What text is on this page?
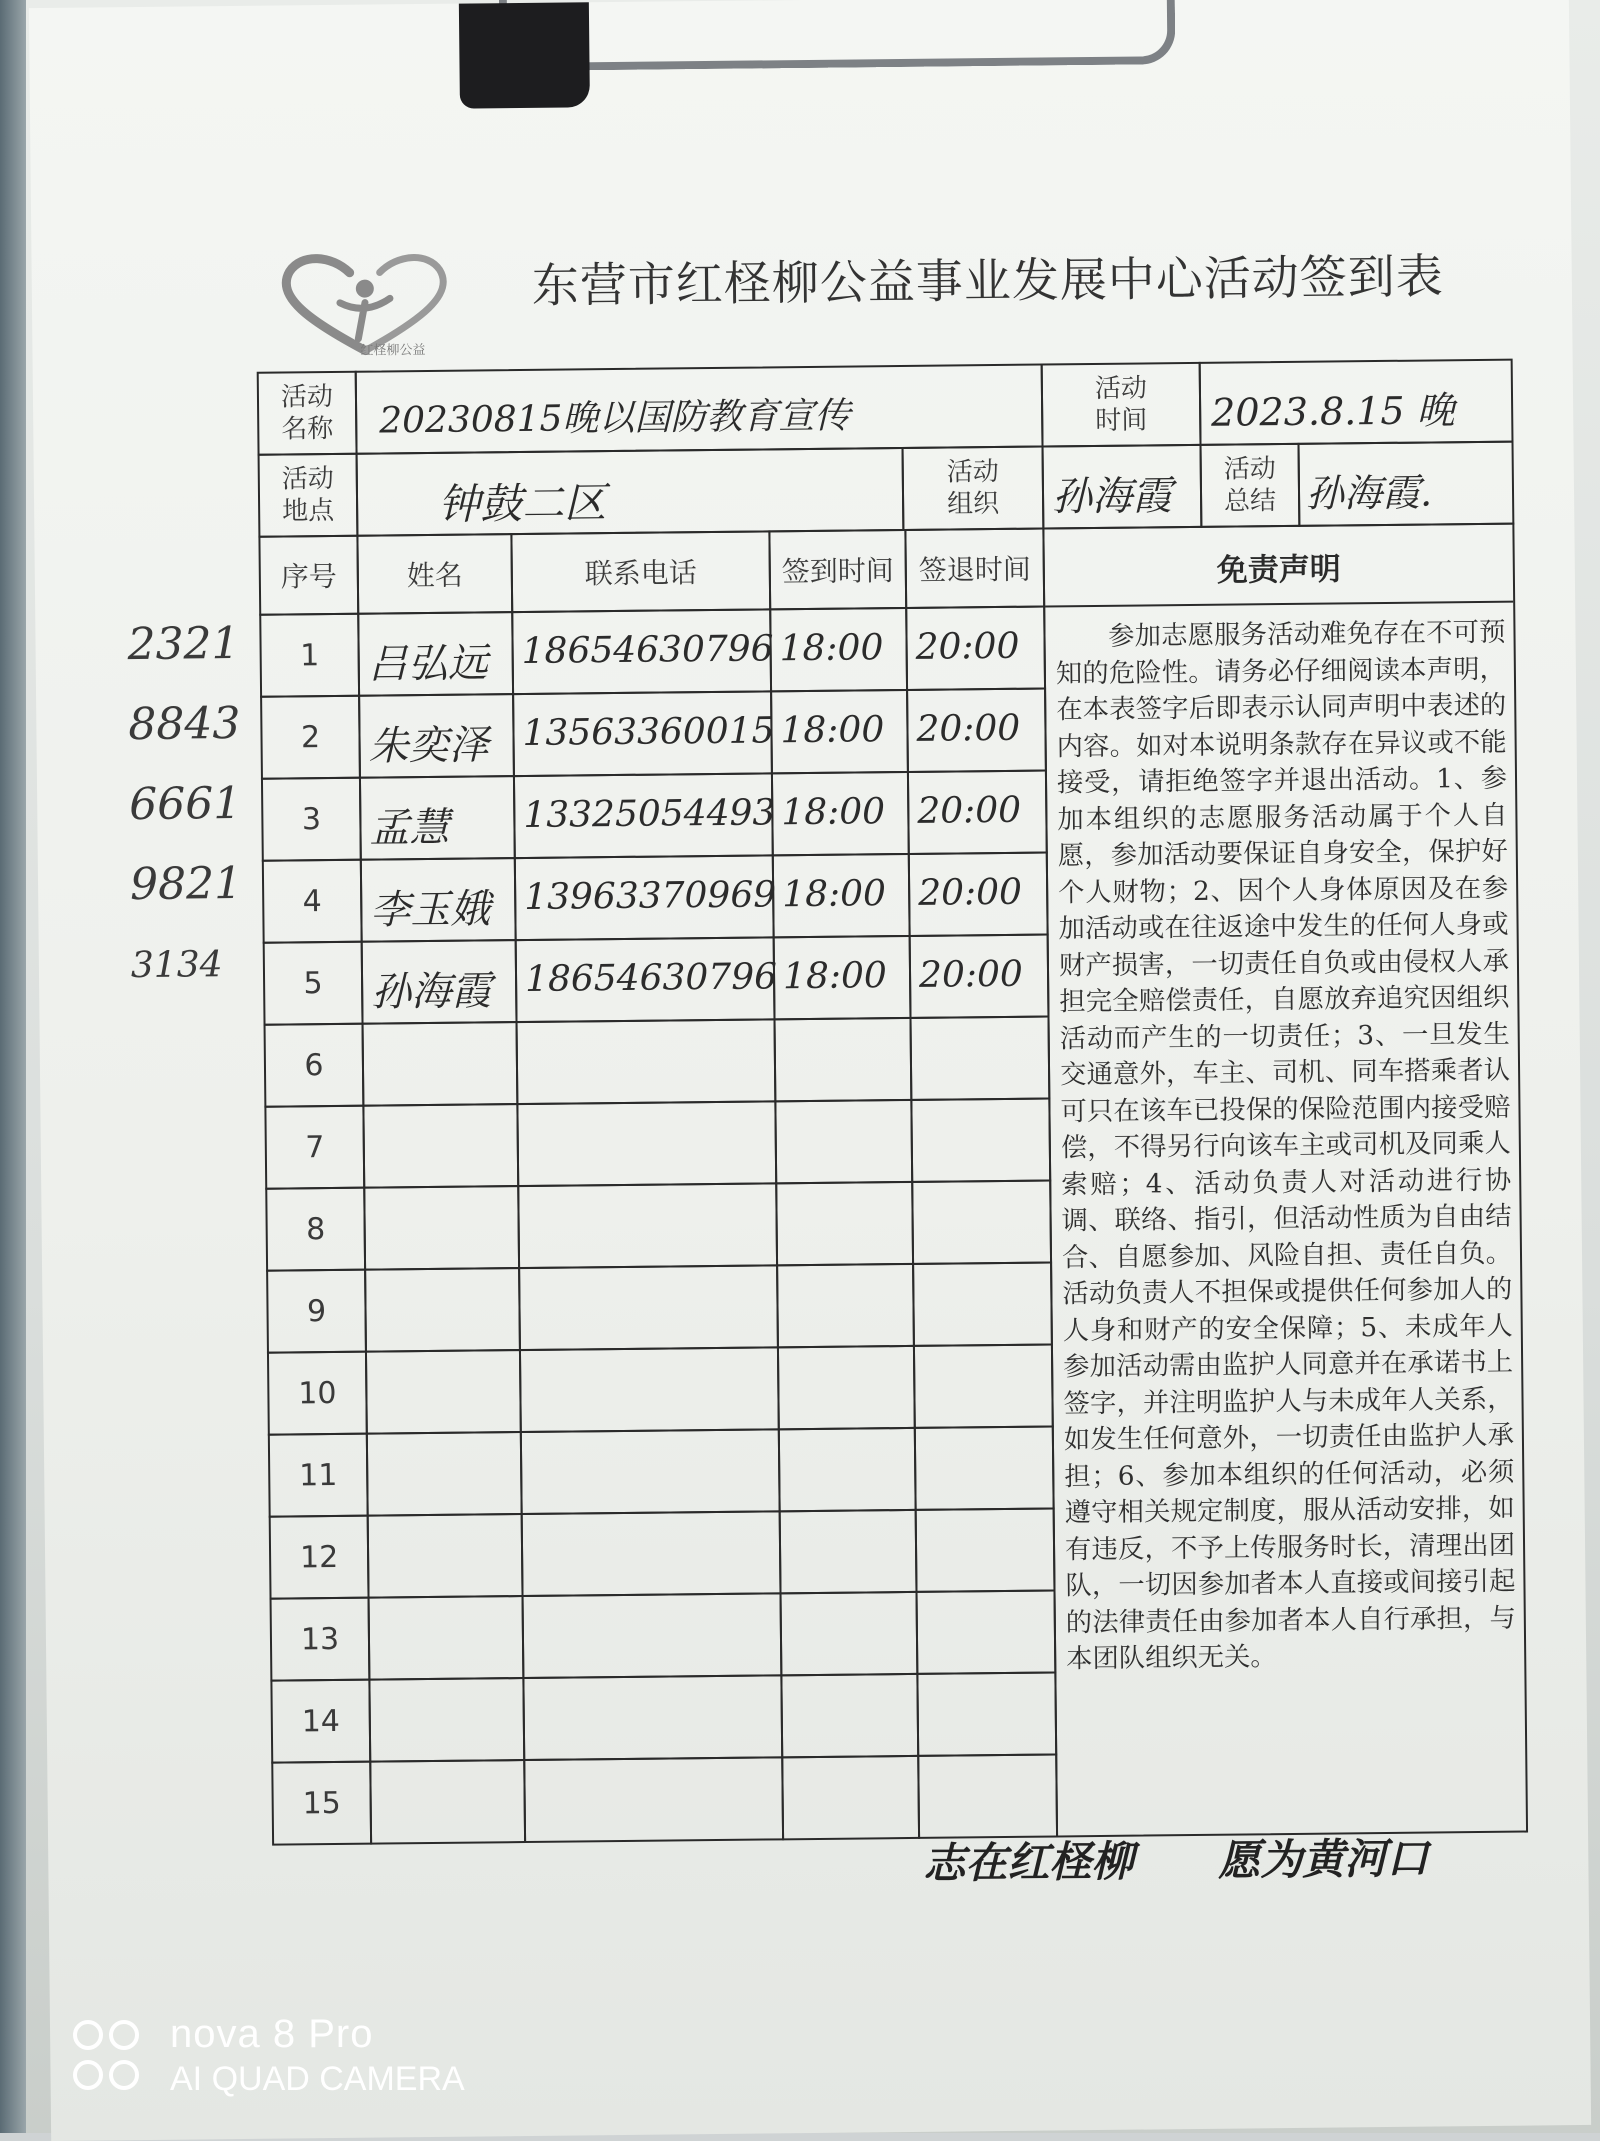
红柽柳公益
东营市红柽柳公益事业发展中心活动签到表
活动
名称	20230815晚以国防教育宣传
活动
时间	2023.8.15 晚
活动
地点	钟鼓二区
活动
组织	孙海霞
活动
总结 孙海霞.
序号	姓名	联系电话	签到时间 签退时间
1	吕弘远 18654630796 18:00 20:00
2	朱奕泽 13563360015 18:00 20:00
3	孟慧 13325054493 18:00 20:00
4	李玉娥 13963370969 18:00 20:00
5	孙海霞 18654630796 18:00 20:00
6
7
8
9
10
11
12
13
14
15
免责声明
参加志愿服务活动难免存在不可预知的危险性。请务必仔细阅读本声明，在本表签字后即表示认同声明中表述的内容。如对本说明条款存在异议或不能接受，请拒绝签字并退出活动。1、参加本组织的志愿服务活动属于个人自愿，参加活动要保证自身安全，保护好个人财物；2、因个人身体原因及在参加活动或在往返途中发生的任何人身或财产损害，一切责任自负或由侵权人承担完全赔偿责任，自愿放弃追究因组织活动而产生的一切责任；3、一旦发生交通意外，车主、司机、同车搭乘者认可只在该车已投保的保险范围内接受赔偿，不得另行向该车主或司机及同乘人索赔；4、活动负责人对活动进行协调、联络、指引，但活动性质为自由结合、自愿参加、风险自担、责任自负。活动负责人不担保或提供任何参加人的人身和财产的安全保障；5、未成年人参加活动需由监护人同意并在承诺书上签字，并注明监护人与未成年人关系，如发生任何意外，一切责任由监护人承担；6、参加本组织的任何活动，必须遵守相关规定制度，服从活动安排，如有违反，不予上传服务时长，清理出团队，一切因参加者本人直接或间接引起的法律责任由参加者本人自行承担，与本团队组织无关。
志在红柽柳 愿为黄河口
2321
8843
6661
9821
3134
nova 8 Pro
AI QUAD CAMERA
